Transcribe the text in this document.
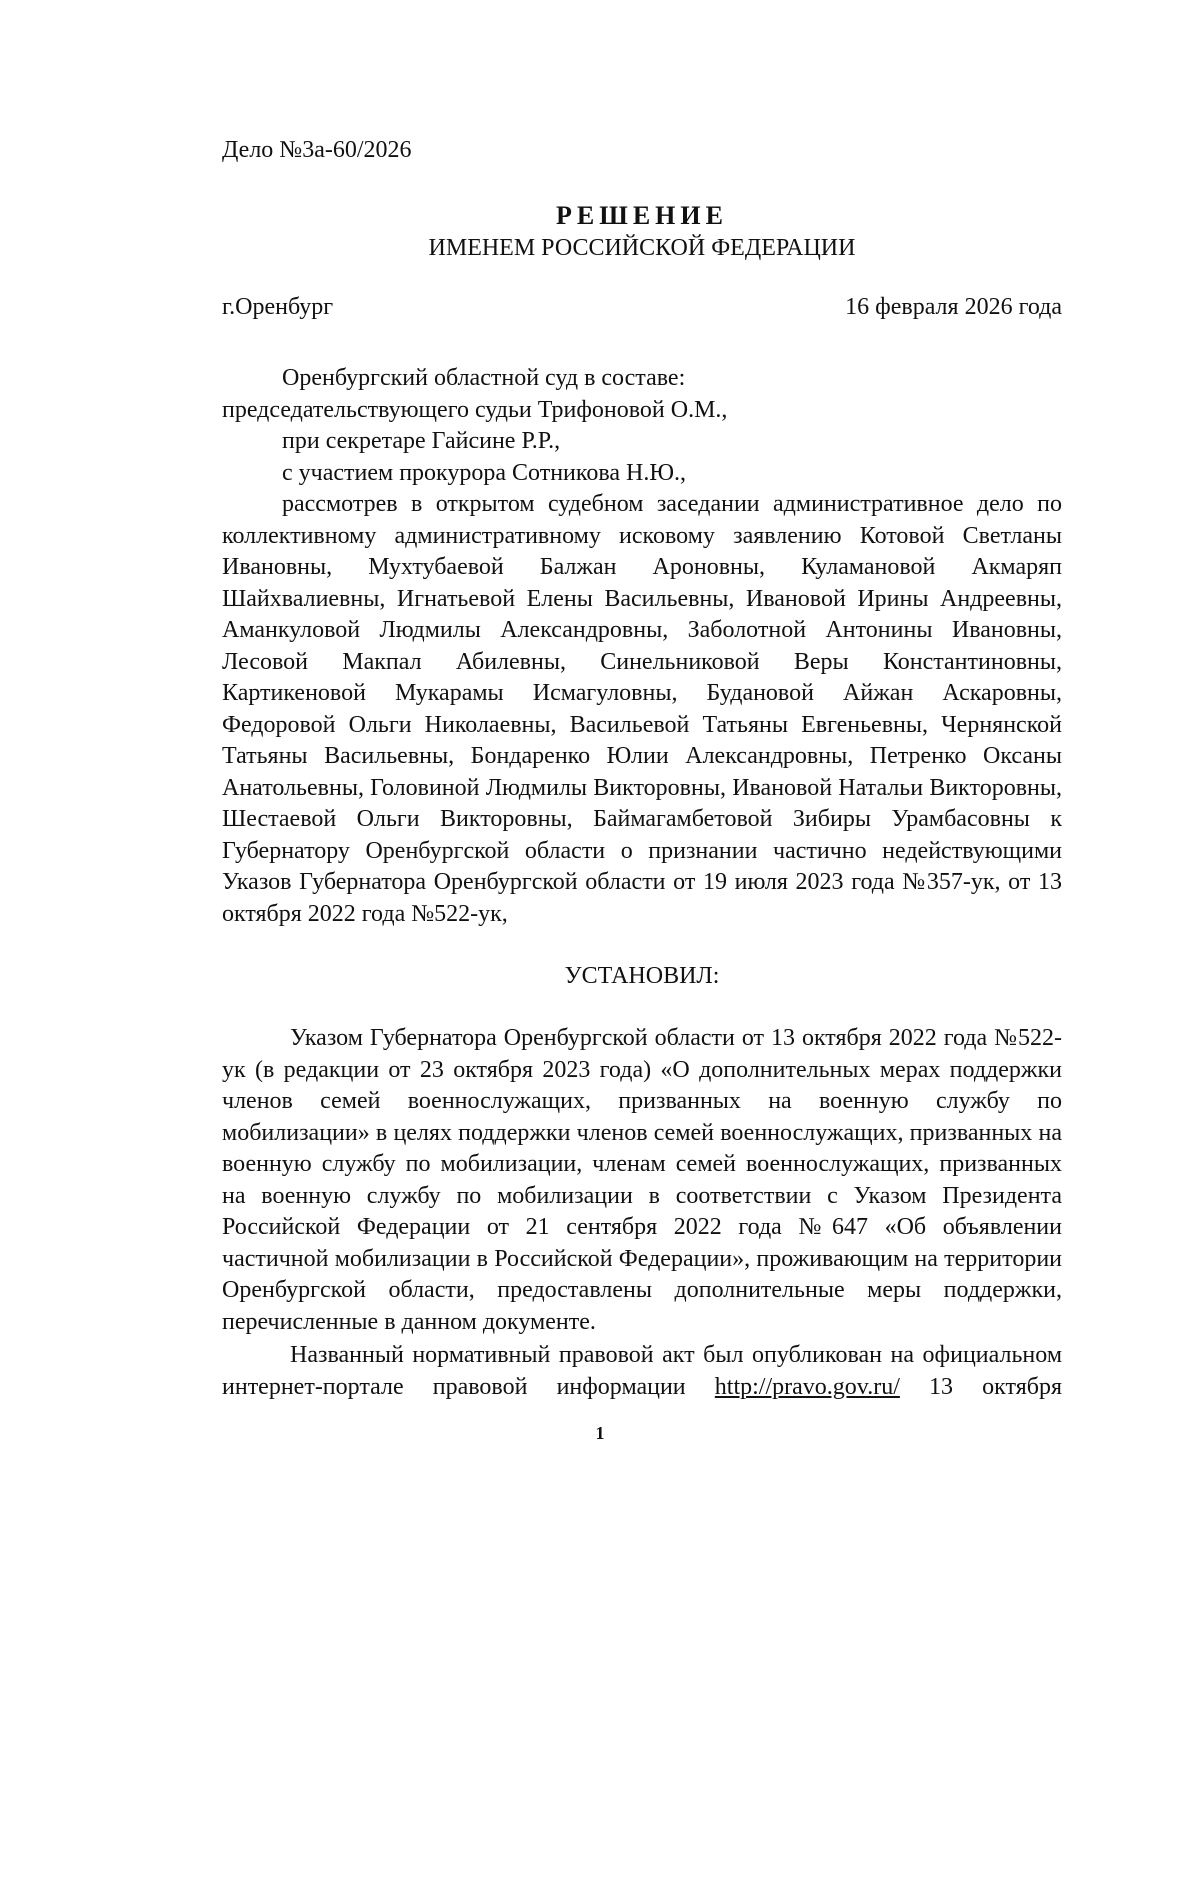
Дело №3а-60/2026
РЕШЕНИЕ
ИМЕНЕМ РОССИЙСКОЙ ФЕДЕРАЦИИ
г.Оренбург	16 февраля 2026 года

Оренбургский областной суд в составе:

председательствующего судьи Трифоновой О.М.,

при секретаре Гайсине Р.Р.,

с участием прокурора Сотникова Н.Ю.,

рассмотрев в открытом судебном заседании административное дело по коллективному административному исковому заявлению Котовой Светланы Ивановны, Мухтубаевой Балжан Ароновны, Куламановой Акмаряп Шайхвалиевны, Игнатьевой Елены Васильевны, Ивановой Ирины Андреевны, Аманкуловой Людмилы Александровны, Заболотной Антонины Ивановны, Лесовой Макпал Абилевны, Синельниковой Веры Константиновны, Картикеновой Мукарамы Исмагуловны, Будановой Айжан Аскаровны, Федоровой Ольги Николаевны, Васильевой Татьяны Евгеньевны, Чернянской Татьяны Васильевны, Бондаренко Юлии Александровны, Петренко Оксаны Анатольевны, Головиной Людмилы Викторовны, Ивановой Натальи Викторовны, Шестаевой Ольги Викторовны, Баймагамбетовой Зибиры Урамбасовны к Губернатору Оренбургской области о признании частично недействующими Указов Губернатора Оренбургской области от 19 июля 2023 года №357-ук, от 13 октября 2022 года №522-ук,

УСТАНОВИЛ:

Указом Губернатора Оренбургской области от 13 октября 2022 года №522-ук (в редакции от 23 октября 2023 года) «О дополнительных мерах поддержки членов семей военнослужащих, призванных на военную службу по мобилизации» в целях поддержки членов семей военнослужащих, призванных на военную службу по мобилизации, членам семей военнослужащих, призванных на военную службу по мобилизации в соответствии с Указом Президента Российской Федерации от 21 сентября 2022 года №647 «Об объявлении частичной мобилизации в Российской Федерации», проживающим на территории Оренбургской области, предоставлены дополнительные меры поддержки, перечисленные в данном документе.

Названный нормативный правовой акт был опубликован на официальном интернет-портале правовой информации http://pravo.gov.ru/ 13 октября

1
